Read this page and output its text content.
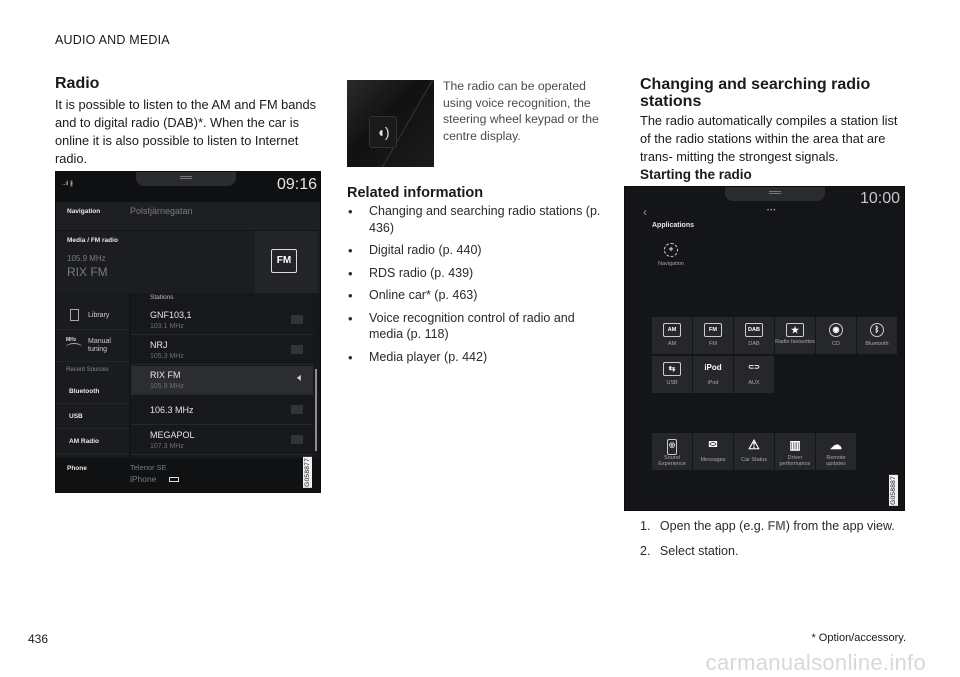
AUDIO AND MEDIA
Radio

It is possible to listen to the AM and FM bands and to digital radio (DAB)*. When the car is online it is also possible to listen to Internet radio.

..ıl ∦	09:16
Navigation	Polstjärnegatan
Media / FM radio
105.9 MHz
RIX FM
FM
Library
MHz Manual tuning
Recent Sources
Bluetooth
USB
AM Radio
Stations
GNF103,1
103.1 MHz
NRJ
105.3 MHz
RIX FM
105.9 MHz
🔈︎
106.3 MHz
MEGAPOL
107.3 MHz
Phone	Telenor SE
iPhone	G058877
◖)

The radio can be operated using voice recognition, the steering wheel keypad or the centre display.

Related information
• Changing and searching radio stations (p. 436)
• Digital radio (p. 440)
• RDS radio (p. 439)
• Online car* (p. 463)
• Voice recognition control of radio and media (p. 118)
• Media player (p. 442)
Changing and searching radio stations

The radio automatically compiles a station list of the radio stations within the area that are trans- mitting the strongest signals.

Starting the radio
10:00
‹	•••
Applications
✛
Navigation
AM
AM
FM
FM
DAB
DAB
★
Radio favourites
◉
CD
ᛒ
Bluetooth
⇆
USB
iPod
iPod
⊂⊃
AUX
◎
Sound Experience
✉
Messages
⚠
Car Status
▥
Driver performance
☁
Remote updates
G058887
1. Open the app (e.g. FM) from the app view.
2. Select station.
436	* Option/accessory.
carmanualsonline.info
